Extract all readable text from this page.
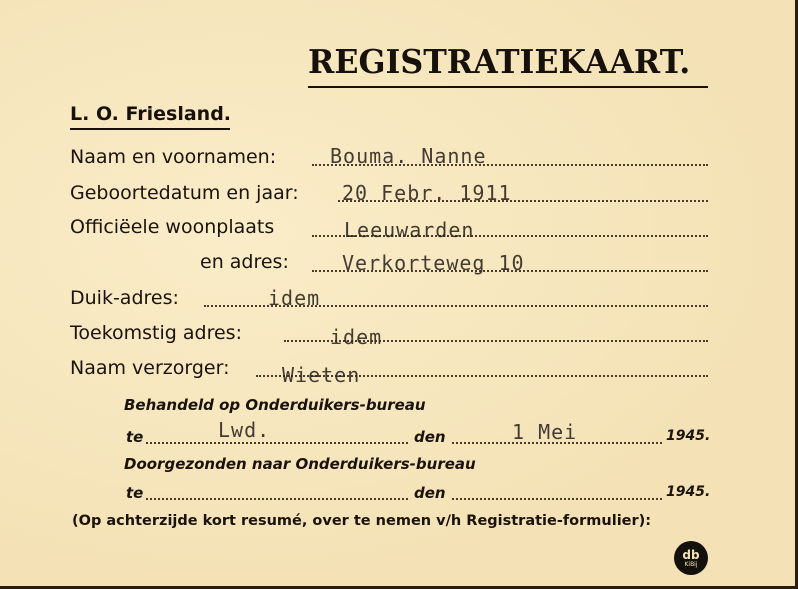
REGISTRATIEKAART.
L. O. Friesland.
Naam en voornamen:	Bouma. Nanne
Geboortedatum en jaar: 20 Febr. 1911
Officiëele woonplaats	Leeuwarden
en adres:	Verkorteweg 10
Duik-adres:	idem
Toekomstig adres:	idem
Naam verzorger:	Wieten
Behandeld op Onderduikers-bureau
te	Lwd.	den	1 Mei	1945.
Doorgezonden naar Onderduikers-bureau
te	den	1945.
(Op achterzijde kort resumé, over te nemen v/h Registratie-formulier):
db
KiBij
